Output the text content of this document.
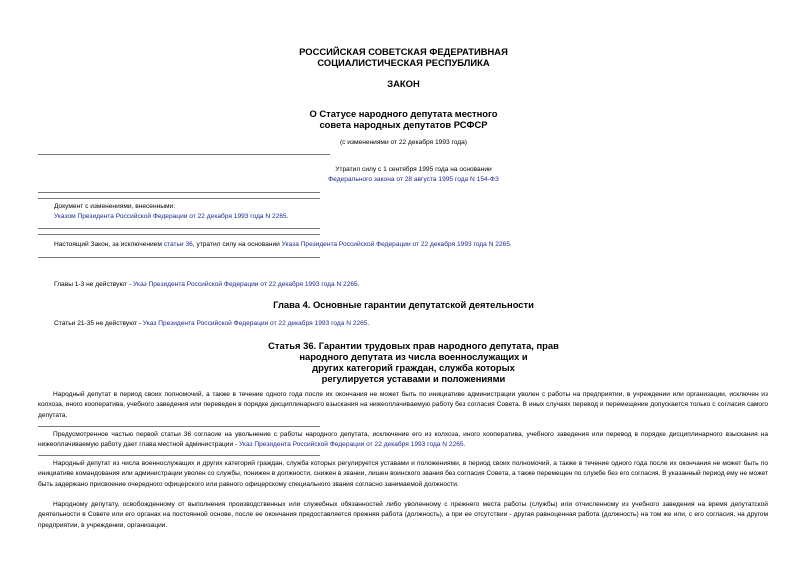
РОССИЙСКАЯ СОВЕТСКАЯ ФЕДЕРАТИВНАЯ
СОЦИАЛИСТИЧЕСКАЯ РЕСПУБЛИКА
ЗАКОН
О Статусе народного депутата местного
совета народных депутатов РСФСР
(с изменениями от 22 декабря 1993 года)
Утратил силу с 1 сентября 1995 года на основании
Федерального закона от 28 августа 1995 года N 154-ФЗ
Документ с изменениями, внесенными:
Указом Президента Российской Федерации от 22 декабря 1993 года N 2265.
Настоящий Закон, за исключением статьи 36, утратил силу на основании Указа Президента Российской Федерации от 22 декабря 1993 года N 2265.
Главы 1-3 не действуют - Указ Президента Российской Федерации от 22 декабря 1993 года N 2265.
Глава 4. Основные гарантии депутатской деятельности
Статьи 21-35 не действуют - Указ Президента Российской Федерации от 22 декабря 1993 года N 2265.
Статья 36. Гарантии трудовых прав народного депутата, прав
народного депутата из числа военнослужащих и
других категорий граждан, служба которых
регулируется уставами и положениями
Народный депутат в период своих полномочий, а также в течение одного года после их окончания не может быть по инициативе администрации уволен с работы на предприятии, в учреждении или организации, исключен из колхоза, иного кооператива, учебного заведения или переведен в порядке дисциплинарного взыскания на нижеоплачиваемую работу без согласия Совета. В иных случаях перевод и перемещение допускается только с согласия самого депутата.
Предусмотренное частью первой статьи 36 согласие на увольнение с работы народного депутата, исключение его из колхоза, иного кооператива, учебного заведения или перевод в порядке дисциплинарного взыскания на нижеоплачиваемую работу дает глава местной администрации - Указ Президента Российской Федерации от 22 декабря 1993 года N 2265.
Народный депутат из числа военнослужащих и других категорий граждан, служба которых регулируется уставами и положениями, в период своих полномочий, а также в течение одного года после их окончания не может быть по инициативе командования или администрации уволен со службы, понижен в должности, снижен в звании, лишен воинского звания без согласия Совета, а также перемещен по службе без его согласия. В указанный период ему не может быть задержано присвоение очередного офицерского или равного офицерскому специального звания согласно занимаемой должности.
Народному депутату, освобожденному от выполнения производственных или служебных обязанностей либо уволенному с прежнего места работы (службы) или отчисленному из учебного заведения на время депутатской деятельности в Совете или его органах на постоянной основе, после ее окончания предоставляется прежняя работа (должность), а при ее отсутствии - другая равноценная работа (должность) на том же или, с его согласия, на другом предприятии, в учреждении, организации.
